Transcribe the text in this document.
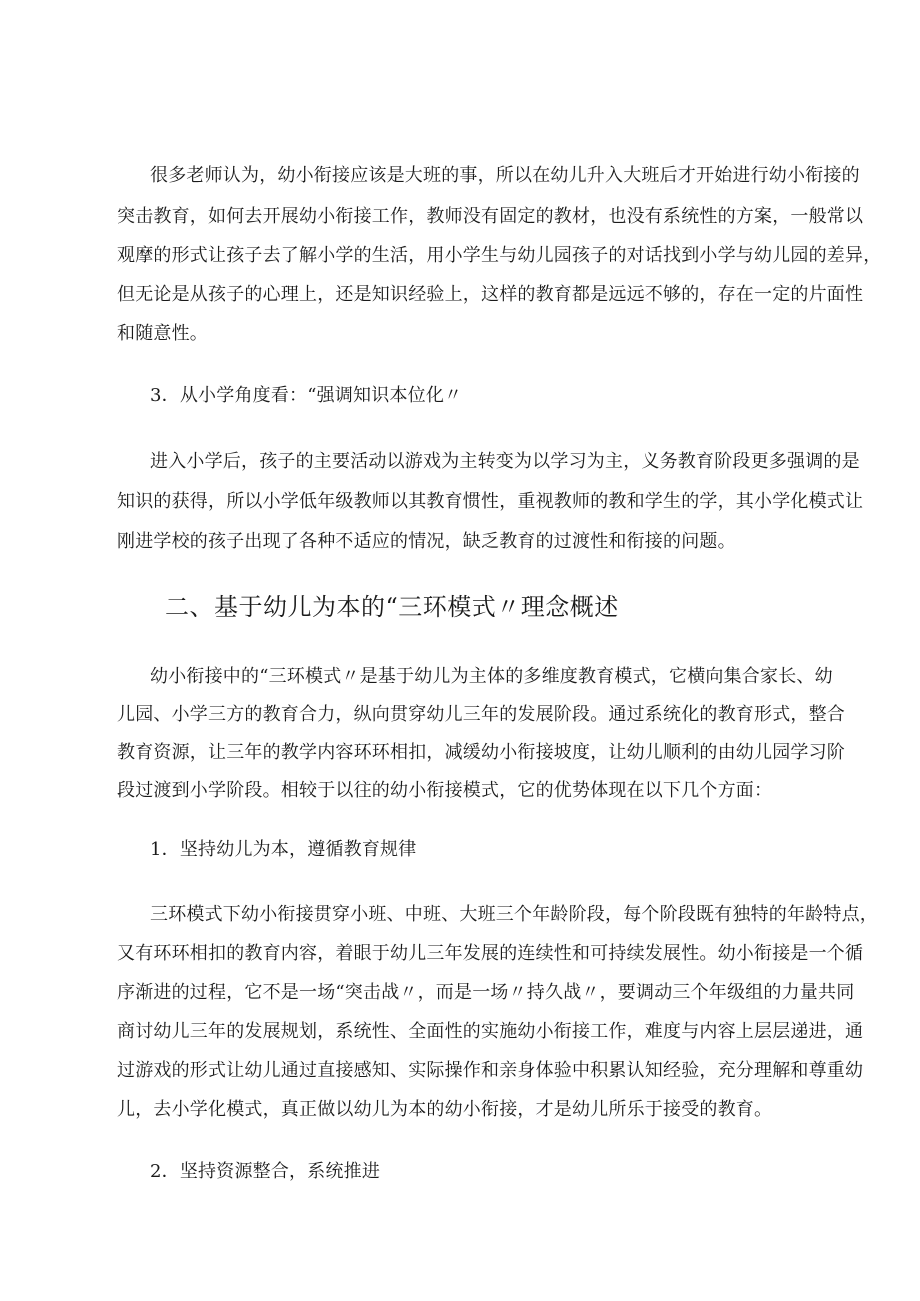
很多老师认为，幼小衔接应该是大班的事，所以在幼儿升入大班后才开始进行幼小衔接的
突击教育，如何去开展幼小衔接工作，教师没有固定的教材，也没有系统性的方案，一般常以
观摩的形式让孩子去了解小学的生活，用小学生与幼儿园孩子的对话找到小学与幼儿园的差异，
但无论是从孩子的心理上，还是知识经验上，这样的教育都是远远不够的，存在一定的片面性
和随意性。
3．从小学角度看：“强调知识本位化〃
进入小学后，孩子的主要活动以游戏为主转变为以学习为主，义务教育阶段更多强调的是
知识的获得，所以小学低年级教师以其教育惯性，重视教师的教和学生的学，其小学化模式让
刚进学校的孩子出现了各种不适应的情况，缺乏教育的过渡性和衔接的问题。
二、基于幼儿为本的“三环模式〃理念概述
幼小衔接中的“三环模式〃是基于幼儿为主体的多维度教育模式，它横向集合家长、幼
儿园、小学三方的教育合力，纵向贯穿幼儿三年的发展阶段。通过系统化的教育形式，整合
教育资源，让三年的教学内容环环相扣，减缓幼小衔接坡度，让幼儿顺利的由幼儿园学习阶
段过渡到小学阶段。相较于以往的幼小衔接模式，它的优势体现在以下几个方面：
1．坚持幼儿为本，遵循教育规律
三环模式下幼小衔接贯穿小班、中班、大班三个年龄阶段，每个阶段既有独特的年龄特点，
又有环环相扣的教育内容，着眼于幼儿三年发展的连续性和可持续发展性。幼小衔接是一个循
序渐进的过程，它不是一场“突击战〃，而是一场〃持久战〃，要调动三个年级组的力量共同
商讨幼儿三年的发展规划，系统性、全面性的实施幼小衔接工作，难度与内容上层层递进，通
过游戏的形式让幼儿通过直接感知、实际操作和亲身体验中积累认知经验，充分理解和尊重幼
儿，去小学化模式，真正做以幼儿为本的幼小衔接，才是幼儿所乐于接受的教育。
2．坚持资源整合，系统推进
